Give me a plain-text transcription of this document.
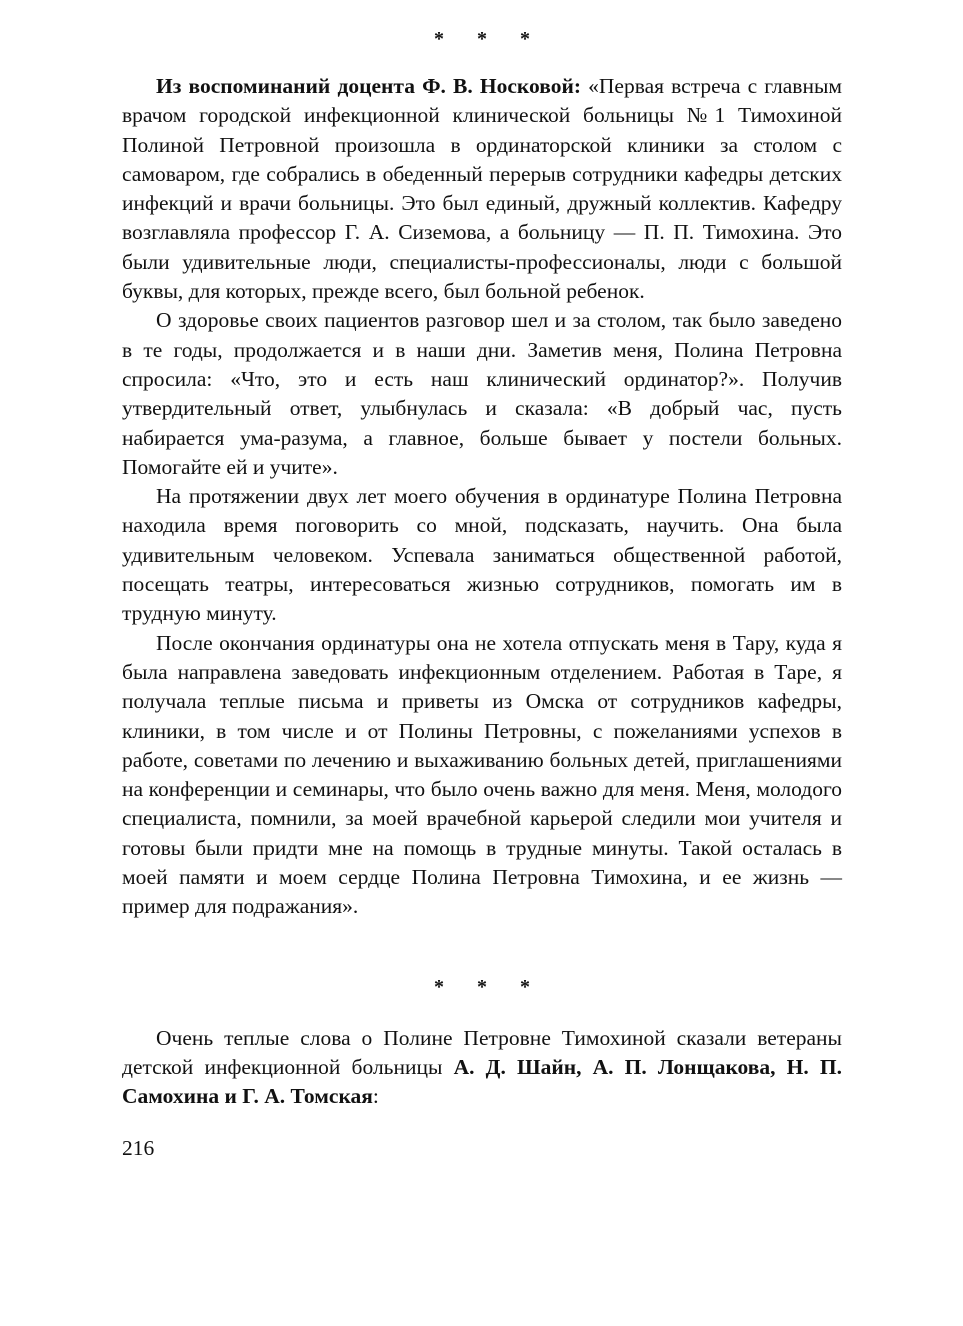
* * *

Из воспоминаний доцента Ф. В. Носковой: «Первая встреча с главным врачом городской инфекционной клинической больницы №1 Тимохиной Полиной Петровной произошла в ординаторской клиники за столом с самоваром, где собрались в обеденный перерыв сотрудники кафедры детских инфекций и врачи больницы. Это был единый, дружный коллектив. Кафедру возглавляла профессор Г. А. Сиземова, а больницу — П. П. Тимохина. Это были удивительные люди, специалисты-профессионалы, люди с большой буквы, для которых, прежде всего, был больной ребенок.

О здоровье своих пациентов разговор шел и за столом, так было заведено в те годы, продолжается и в наши дни. Заметив меня, Полина Петровна спросила: «Что, это и есть наш клинический ординатор?». Получив утвердительный ответ, улыбнулась и сказала: «В добрый час, пусть набирается ума-разума, а главное, больше бывает у постели больных. Помогайте ей и учите».

На протяжении двух лет моего обучения в ординатуре Полина Петровна находила время поговорить со мной, подсказать, научить. Она была удивительным человеком. Успевала заниматься общественной работой, посещать театры, интересоваться жизнью сотрудников, помогать им в трудную минуту.

После окончания ординатуры она не хотела отпускать меня в Тару, куда я была направлена заведовать инфекционным отделением. Работая в Таре, я получала теплые письма и приветы из Омска от сотрудников кафедры, клиники, в том числе и от Полины Петровны, с пожеланиями успехов в работе, советами по лечению и выхаживанию больных детей, приглашениями на конференции и семинары, что было очень важно для меня. Меня, молодого специалиста, помнили, за моей врачебной карьерой следили мои учителя и готовы были придти мне на помощь в трудные минуты. Такой осталась в моей памяти и моем сердце Полина Петровна Тимохина, и ее жизнь — пример для подражания».

* * *

Очень теплые слова о Полине Петровне Тимохиной сказали ветераны детской инфекционной больницы А. Д. Шайн, А. П. Лонщакова, Н. П. Самохина и Г. А. Томская:

216
